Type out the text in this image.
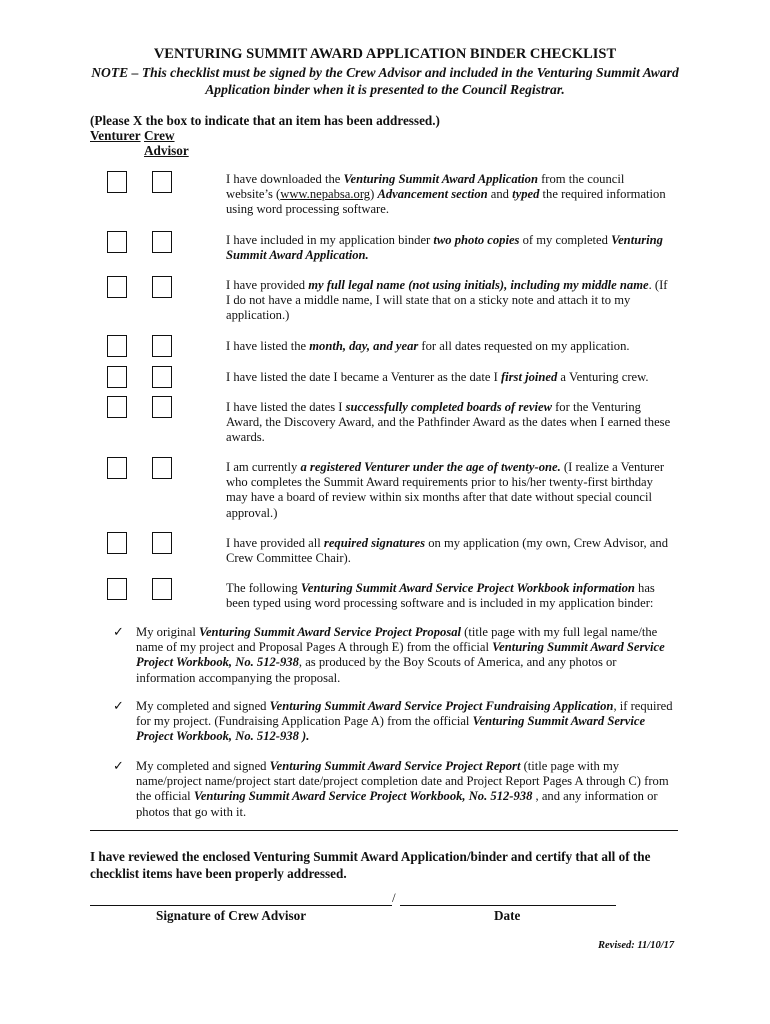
VENTURING SUMMIT AWARD APPLICATION BINDER CHECKLIST
NOTE – This checklist must be signed by the Crew Advisor and included in the Venturing Summit Award Application binder when it is presented to the Council Registrar.
(Please X the box to indicate that an item has been addressed.)
Venturer Crew
Advisor
I have downloaded the Venturing Summit Award Application from the council website’s (www.nepabsa.org) Advancement section and typed the required information using word processing software.
I have included in my application binder two photo copies of my completed Venturing Summit Award Application.
I have provided my full legal name (not using initials), including my middle name. (If I do not have a middle name, I will state that on a sticky note and attach it to my application.)
I have listed the month, day, and year for all dates requested on my application.
I have listed the date I became a Venturer as the date I first joined a Venturing crew.
I have listed the dates I successfully completed boards of review for the Venturing Award, the Discovery Award, and the Pathfinder Award as the dates when I earned these awards.
I am currently a registered Venturer under the age of twenty-one. (I realize a Venturer who completes the Summit Award requirements prior to his/her twenty-first birthday may have a board of review within six months after that date without special council approval.)
I have provided all required signatures on my application (my own, Crew Advisor, and Crew Committee Chair).
The following Venturing Summit Award Service Project Workbook information has been typed using word processing software and is included in my application binder:
✓ My original Venturing Summit Award Service Project Proposal (title page with my full legal name/the name of my project and Proposal Pages A through E) from the official Venturing Summit Award Service Project Workbook, No. 512-938, as produced by the Boy Scouts of America, and any photos or information accompanying the proposal.
✓ My completed and signed Venturing Summit Award Service Project Fundraising Application, if required for my project. (Fundraising Application Page A) from the official Venturing Summit Award Service Project Workbook, No. 512-938 ).
✓ My completed and signed Venturing Summit Award Service Project Report (title page with my name/project name/project start date/project completion date and Project Report Pages A through C) from the official Venturing Summit Award Service Project Workbook, No. 512-938 , and any information or photos that go with it.
I have reviewed the enclosed Venturing Summit Award Application/binder and certify that all of the checklist items have been properly addressed.
/
Signature of Crew Advisor	Date
Revised: 11/10/17
